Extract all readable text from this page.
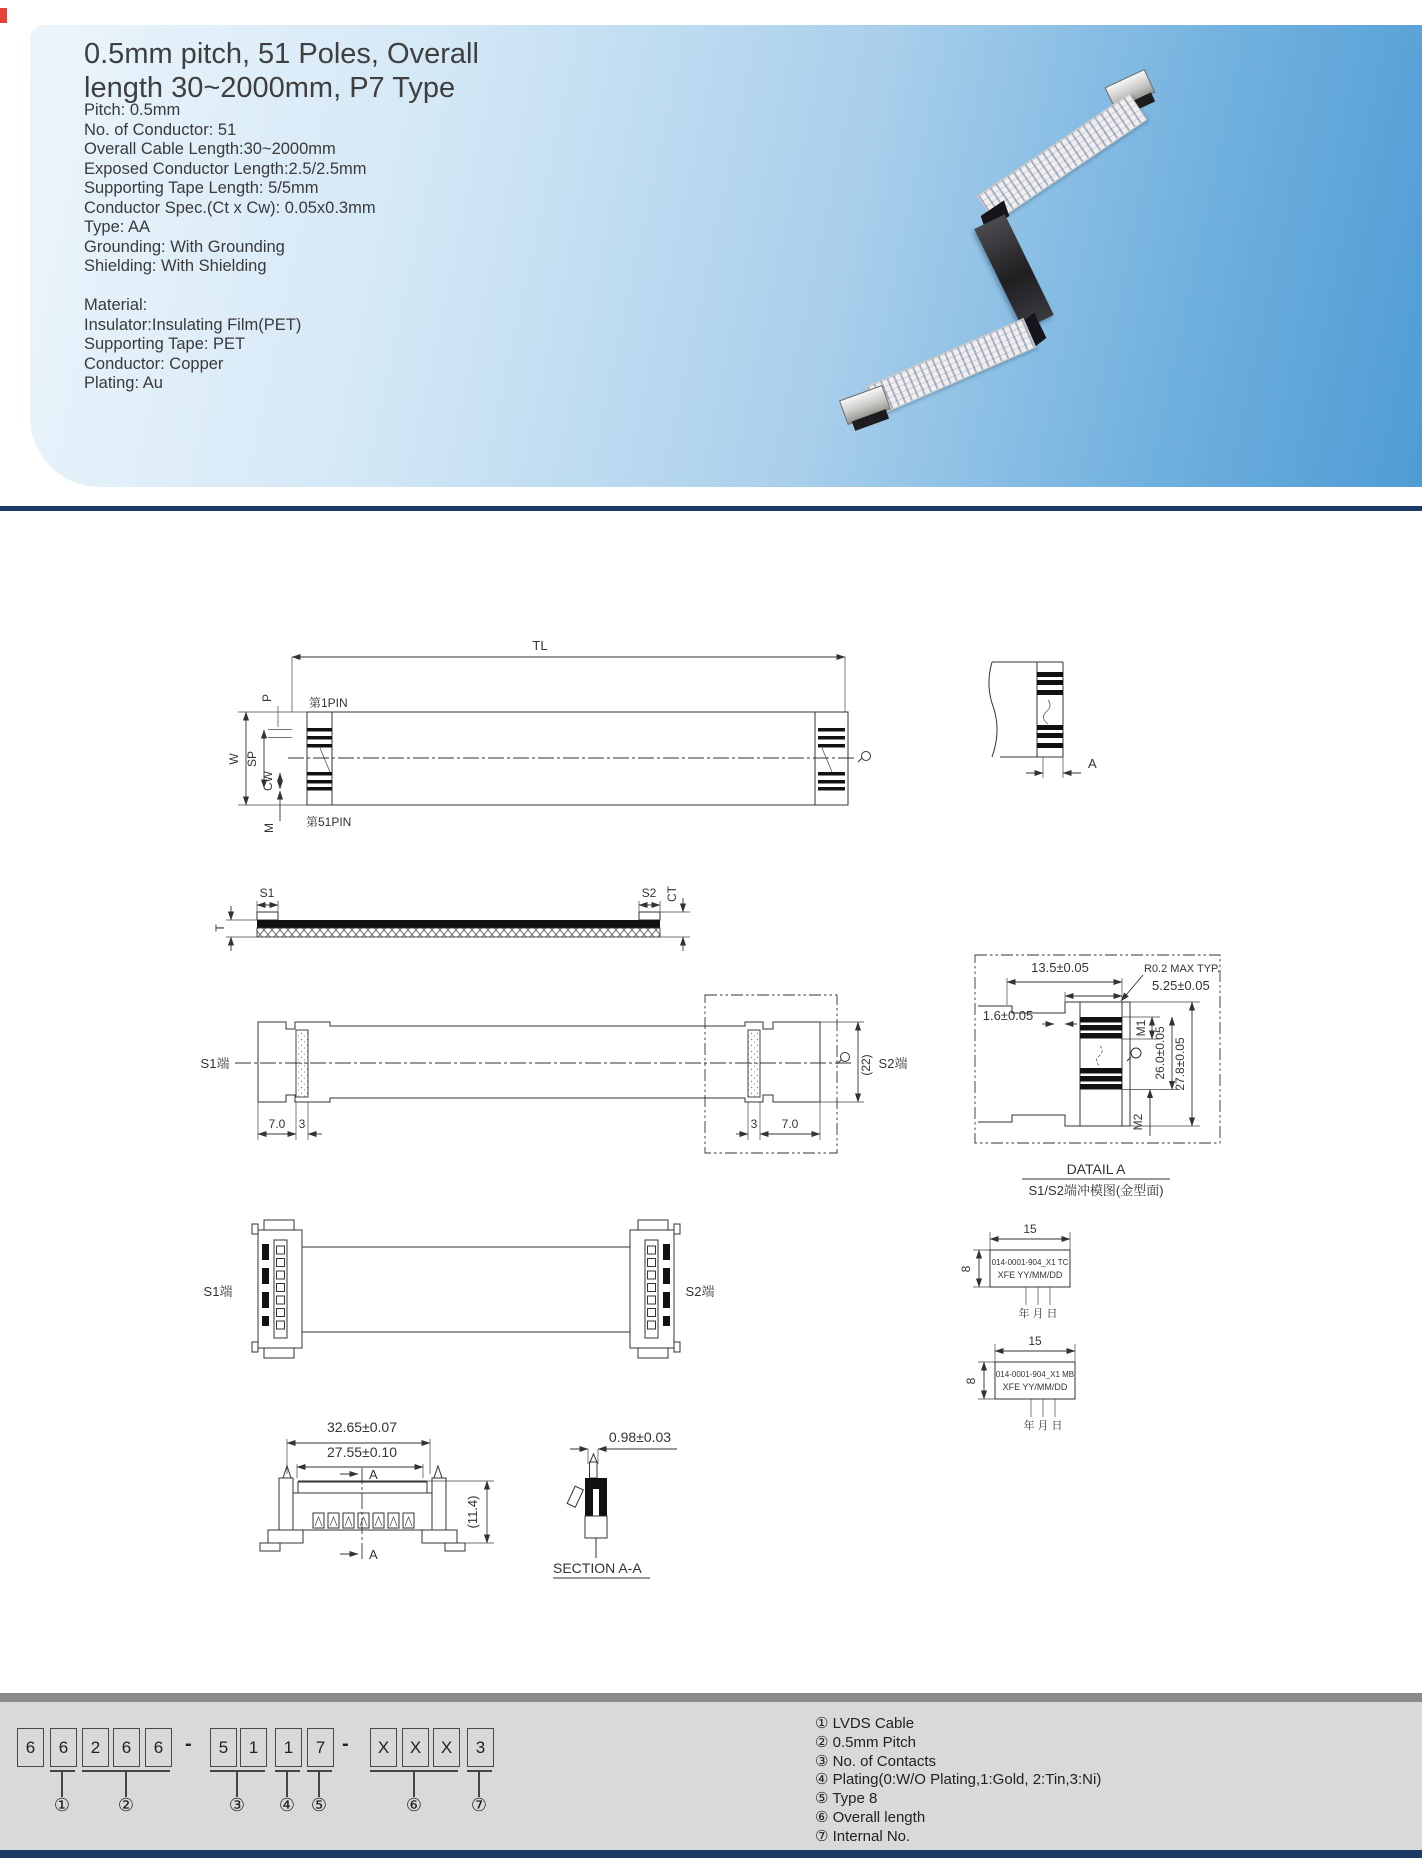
0.5mm pitch, 51 Poles, Overall
length 30~2000mm, P7 Type
Pitch: 0.5mm
No. of Conductor: 51
Overall Cable Length:30~2000mm
Exposed Conductor Length:2.5/2.5mm
Supporting Tape Length: 5/5mm
Conductor Spec.(Ct x Cw): 0.05x0.3mm
Type: AA
Grounding: With Grounding
Shielding: With Shielding
Material:
Insulator:Insulating Film(PET)
Supporting Tape: PET
Conductor: Copper
Plating: Au
TL
第1PIN
第51PIN
P
W SP
CW
M
A
S1	S2 CT
T
S1端	S2端
7.0 3	3 7.0
(22)
S1端	S2端
13.5±0.05	R0.2 MAX TYP.
5.25±0.05
1.6±0.05
M1 26.0±0.05 27.8±0.05
M2
DATAIL A
S1/S2端冲模图(金型面)
014-0001-904_X1 TC
XFE YY/MM/DD
15
8
年 月 日
014-0001-904_X1 MB
XFE YY/MM/DD
15
8
年 月 日
32.65±0.07
27.55±0.10
A
A
(11.4)
0.98±0.03
SECTION A-A
6	6	2	6	6	-	5	1	1	7 -	X	X	X	3
①	②	③ ④ ⑤	⑥	⑦
① LVDS Cable
② 0.5mm Pitch
③ No. of Contacts
④ Plating(0:W/O Plating,1:Gold, 2:Tin,3:Ni)
⑤ Type 8
⑥ Overall length
⑦ Internal No.
